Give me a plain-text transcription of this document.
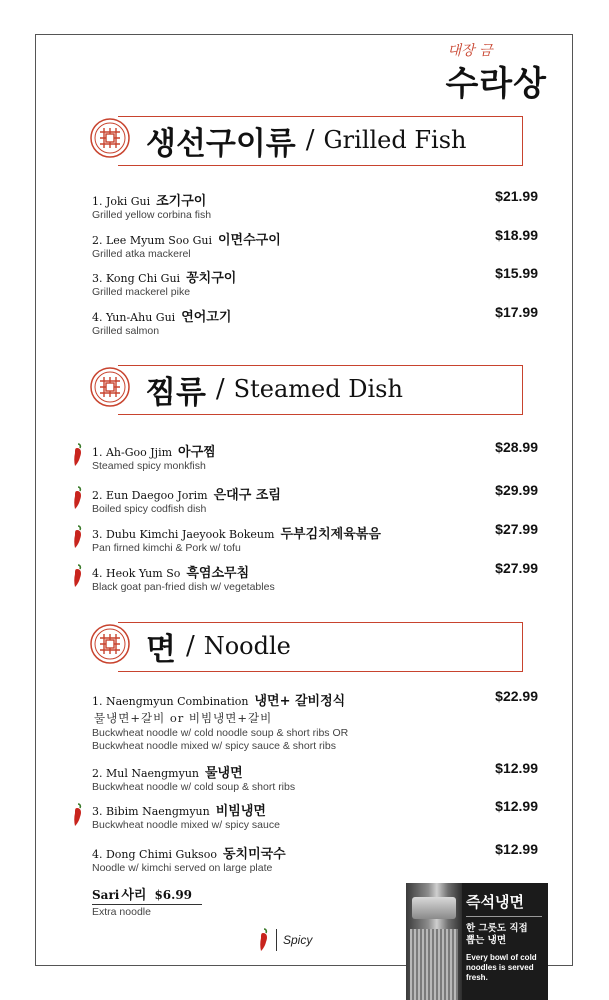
대장 금
수라상
생선구이류 / Grilled Fish
1. Joki Gui 조기구이
Grilled yellow corbina fish
$21.99
2. Lee Myum Soo Gui 이면수구이
Grilled atka mackerel
$18.99
3. Kong Chi Gui 꽁치구이
Grilled mackerel pike
$15.99
4. Yun-Ahu Gui 연어고기
Grilled salmon
$17.99
찜류 / Steamed Dish
1. Ah-Goo Jjim 아구찜
Steamed spicy monkfish
$28.99
2. Eun Daegoo Jorim 은대구 조림
Boiled spicy codfish dish
$29.99
3. Dubu Kimchi Jaeyook Bokeum 두부김치제육볶음
Pan firned kimchi & Pork w/ tofu
$27.99
4. Heok Yum So 흑염소무침
Black goat pan-fried dish w/ vegetables
$27.99
면 / Noodle
1. Naengmyun Combination 냉면+ 갈비정식
물냉면+갈비 or 비빔냉면+갈비
Buckwheat noodle w/ cold noodle soup & short ribs OR
Buckwheat noodle mixed w/ spicy sauce & short ribs
$22.99
2. Mul Naengmyun 물냉면
Buckwheat noodle w/ cold soup & short ribs
$12.99
3. Bibim Naengmyun 비빔냉면
Buckwheat noodle mixed w/ spicy sauce
$12.99
4. Dong Chimi Guksoo 동치미국수
Noodle w/ kimchi served on large plate
$12.99
Sari 사리 $6.99
Extra noodle
Spicy
즉석냉면
한 그릇도 직접
뽑는 냉면
Every bowl of cold
noodles is served
fresh.
